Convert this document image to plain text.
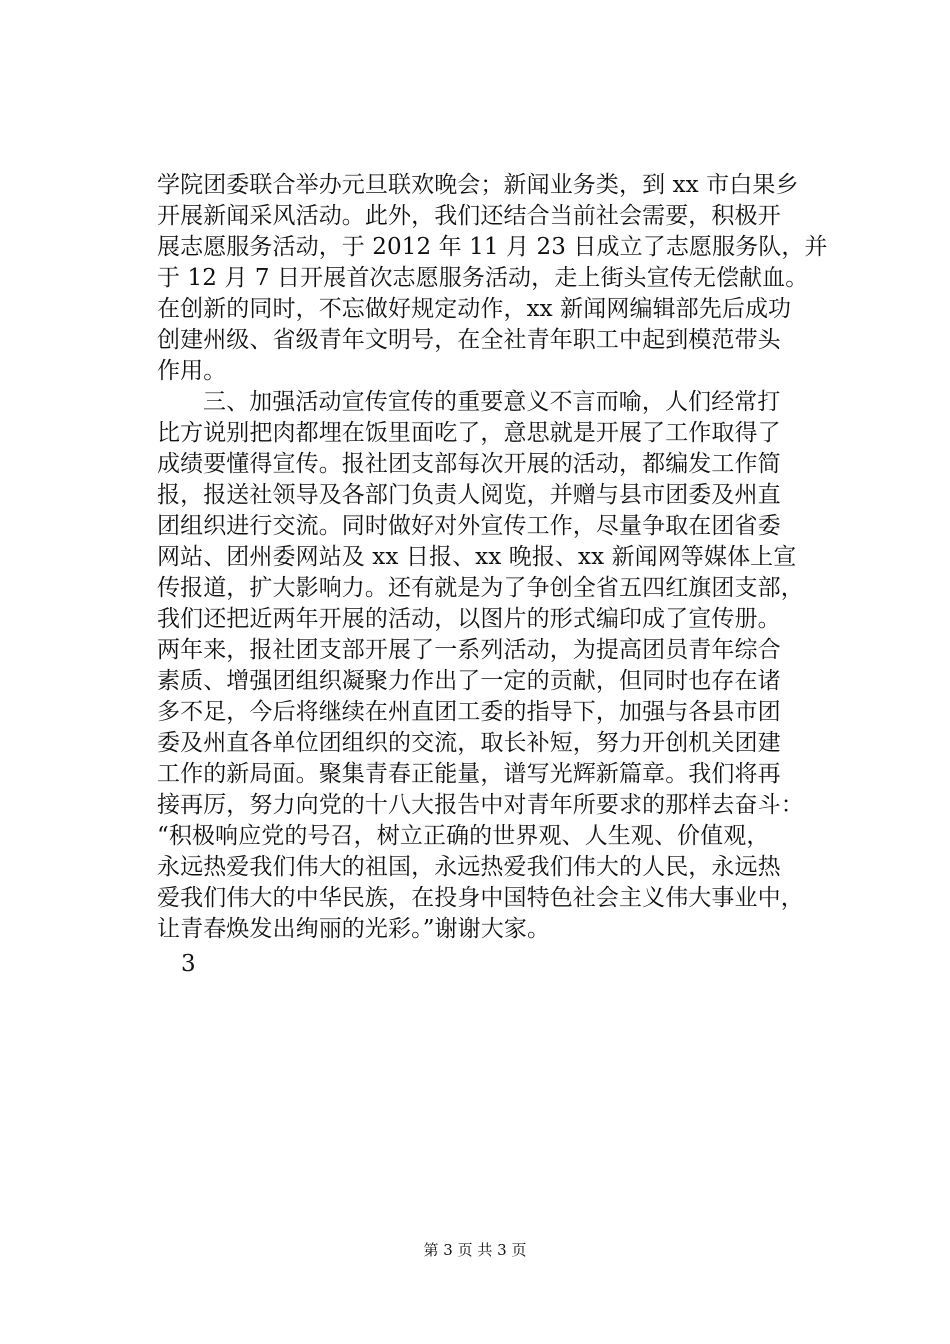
学院团委联合举办元旦联欢晚会；新闻业务类，到 xx 市白果乡
开展新闻采风活动。此外，我们还结合当前社会需要，积极开
展志愿服务活动，于 2012 年 11 月 23 日成立了志愿服务队，并
于 12 月 7 日开展首次志愿服务活动，走上街头宣传无偿献血。
在创新的同时，不忘做好规定动作，xx 新闻网编辑部先后成功
创建州级、省级青年文明号，在全社青年职工中起到模范带头
作用。
三、加强活动宣传宣传的重要意义不言而喻，人们经常打
比方说别把肉都埋在饭里面吃了，意思就是开展了工作取得了
成绩要懂得宣传。报社团支部每次开展的活动，都编发工作简
报，报送社领导及各部门负责人阅览，并赠与县市团委及州直
团组织进行交流。同时做好对外宣传工作，尽量争取在团省委
网站、团州委网站及 xx 日报、xx 晚报、xx 新闻网等媒体上宣
传报道，扩大影响力。还有就是为了争创全省五四红旗团支部，
我们还把近两年开展的活动，以图片的形式编印成了宣传册。
两年来，报社团支部开展了一系列活动，为提高团员青年综合
素质、增强团组织凝聚力作出了一定的贡献，但同时也存在诸
多不足，今后将继续在州直团工委的指导下，加强与各县市团
委及州直各单位团组织的交流，取长补短，努力开创机关团建
工作的新局面。聚集青春正能量，谱写光辉新篇章。我们将再
接再厉，努力向党的十八大报告中对青年所要求的那样去奋斗：
“积极响应党的号召，树立正确的世界观、人生观、价值观，
永远热爱我们伟大的祖国，永远热爱我们伟大的人民，永远热
爱我们伟大的中华民族，在投身中国特色社会主义伟大事业中，
让青春焕发出绚丽的光彩。”谢谢大家。
3
第 3 页 共 3 页
